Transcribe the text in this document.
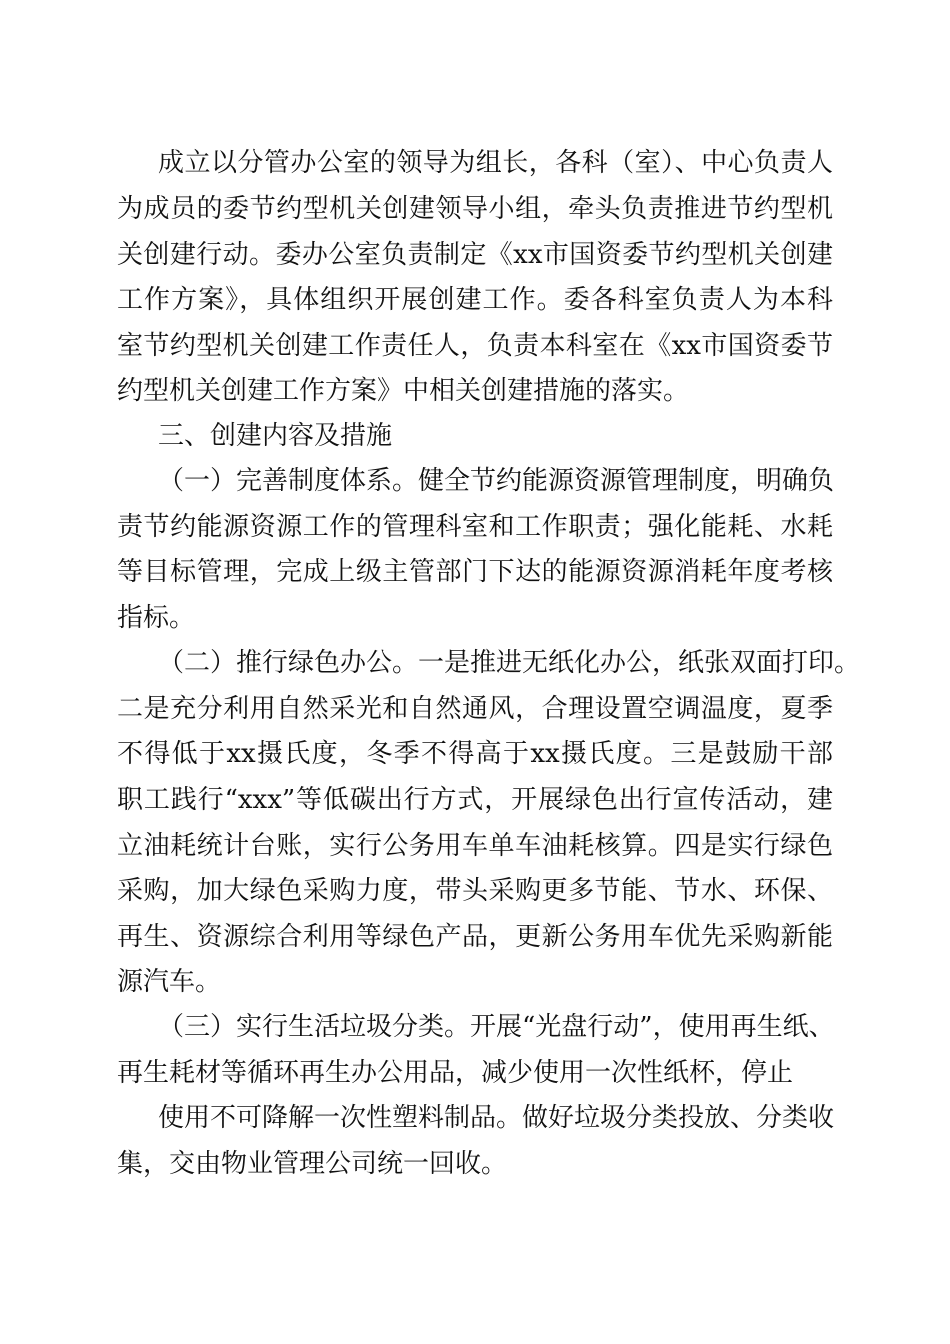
成立以分管办公室的领导为组长，各科（室）、中心负责人

为成员的委节约型机关创建领导小组，牵头负责推进节约型机

关创建行动。委办公室负责制定《xx市国资委节约型机关创建

工作方案》，具体组织开展创建工作。委各科室负责人为本科

室节约型机关创建工作责任人，负责本科室在《xx市国资委节

约型机关创建工作方案》中相关创建措施的落实。

三、创建内容及措施

（一）完善制度体系。健全节约能源资源管理制度，明确负

责节约能源资源工作的管理科室和工作职责；强化能耗、水耗

等目标管理，完成上级主管部门下达的能源资源消耗年度考核

指标。

（二）推行绿色办公。一是推进无纸化办公，纸张双面打印。

二是充分利用自然采光和自然通风，合理设置空调温度，夏季

不得低于xx摄氏度，冬季不得高于xx摄氏度。三是鼓励干部

职工践行“xxx”等低碳出行方式，开展绿色出行宣传活动，建

立油耗统计台账，实行公务用车单车油耗核算。四是实行绿色

采购，加大绿色采购力度，带头采购更多节能、节水、环保、

再生、资源综合利用等绿色产品，更新公务用车优先采购新能

源汽车。

（三）实行生活垃圾分类。开展“光盘行动”，使用再生纸、

再生耗材等循环再生办公用品，减少使用一次性纸杯，停止

使用不可降解一次性塑料制品。做好垃圾分类投放、分类收

集，交由物业管理公司统一回收。
